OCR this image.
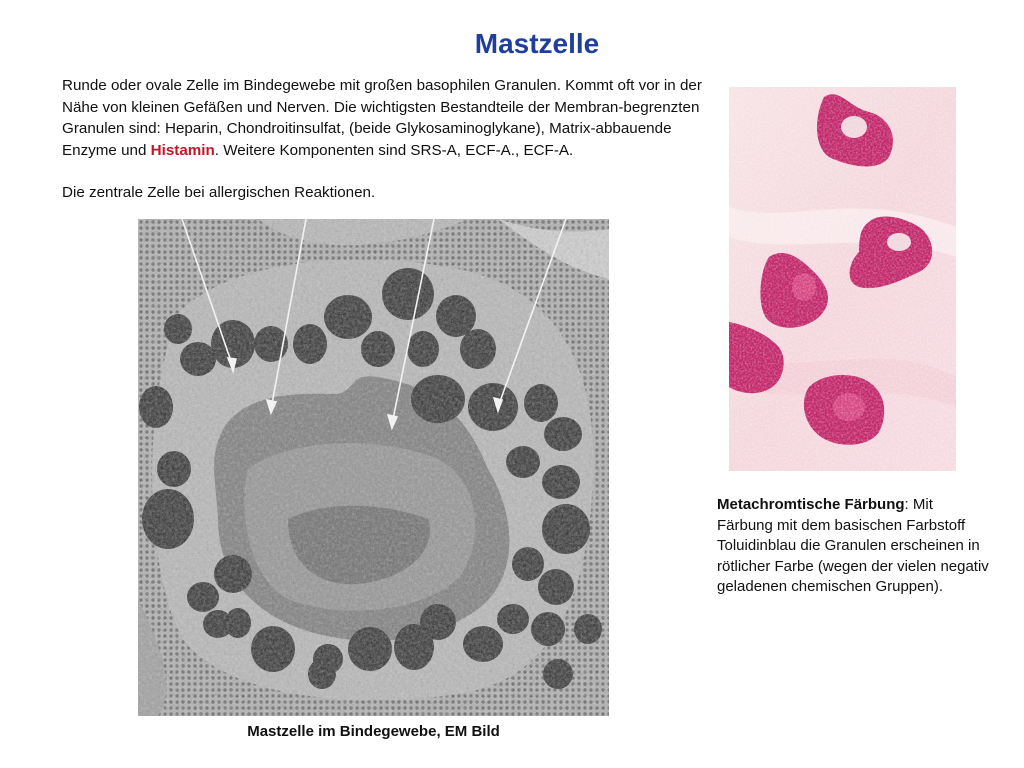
Mastzelle

Runde oder ovale Zelle im Bindegewebe mit großen basophilen Granulen. Kommt oft vor in der Nähe von kleinen Gefäßen und Nerven. Die wichtigsten Bestandteile der Membran-begrenzten Granulen sind: Heparin, Chondroitinsulfat, (beide Glykosaminoglykane), Matrix-abbauende Enzyme und Histamin. Weitere Komponenten sind SRS-A, ECF-A., ECF-A.

Die zentrale Zelle bei allergischen Reaktionen.

Mastzelle im Bindegewebe, EM Bild
Metachromtische Färbung: Mit Färbung mit dem basischen Farbstoff Toluidinblau die Granulen erscheinen in rötlicher Farbe (wegen der vielen negativ geladenen chemischen Gruppen).
